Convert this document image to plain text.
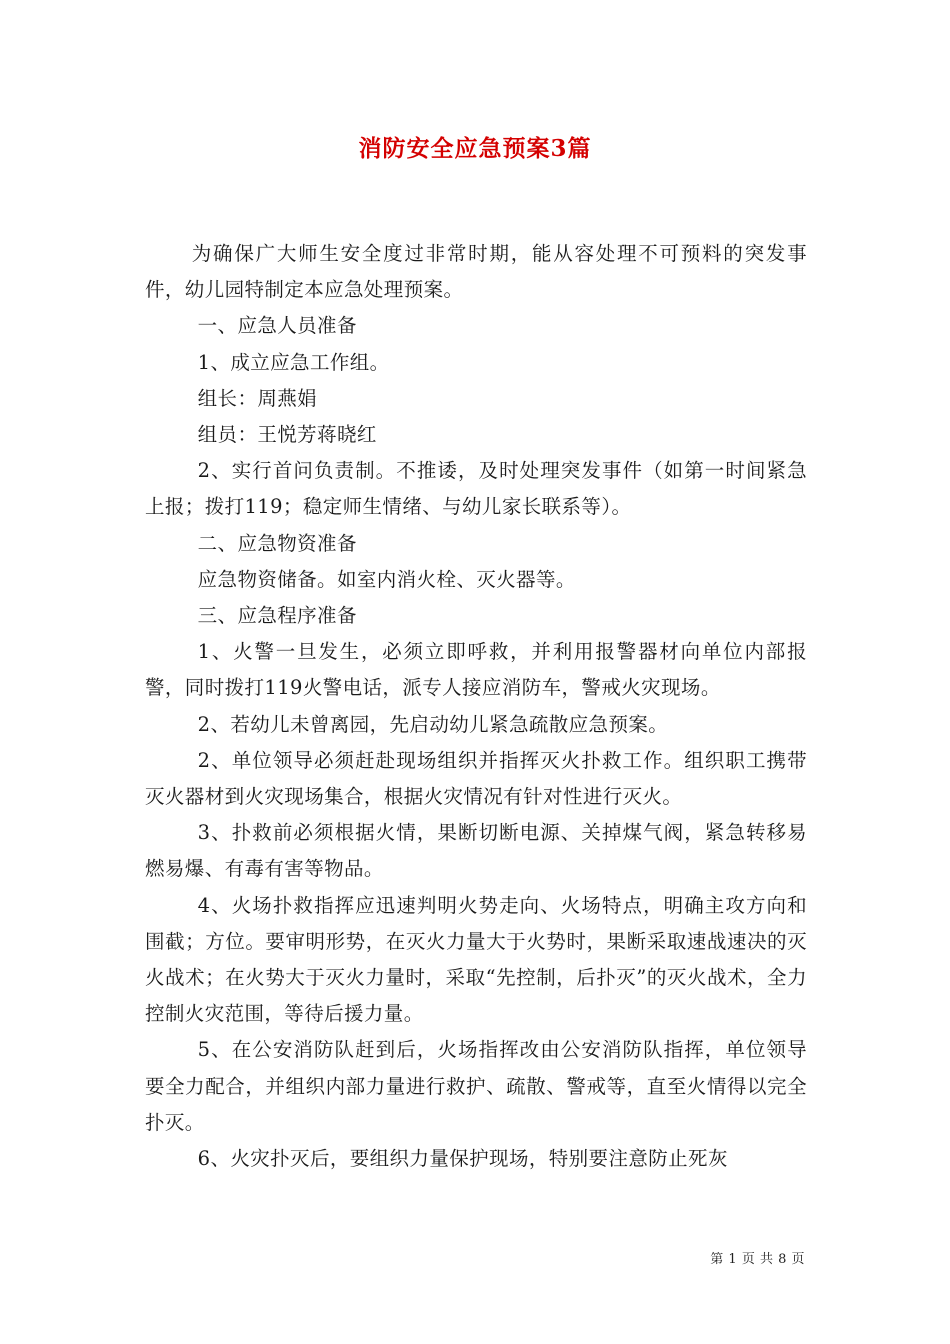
消防安全应急预案3篇

为确保广大师生安全度过非常时期，能从容处理不可预料的突发事件，幼儿园特制定本应急处理预案。

一、应急人员准备

1、成立应急工作组。

组长：周燕娟

组员：王悦芳蒋晓红

2、实行首问负责制。不推诿，及时处理突发事件（如第一时间紧急上报；拨打119；稳定师生情绪、与幼儿家长联系等）。

二、应急物资准备

应急物资储备。如室内消火栓、灭火器等。

三、应急程序准备

1、火警一旦发生，必须立即呼救，并利用报警器材向单位内部报警，同时拨打119火警电话，派专人接应消防车，警戒火灾现场。

2、若幼儿未曾离园，先启动幼儿紧急疏散应急预案。

2、单位领导必须赶赴现场组织并指挥灭火扑救工作。组织职工携带灭火器材到火灾现场集合，根据火灾情况有针对性进行灭火。

3、扑救前必须根据火情，果断切断电源、关掉煤气阀，紧急转移易燃易爆、有毒有害等物品。

4、火场扑救指挥应迅速判明火势走向、火场特点，明确主攻方向和围截；方位。要审明形势，在灭火力量大于火势时，果断采取速战速决的灭火战术；在火势大于灭火力量时，采取“先控制，后扑灭”的灭火战术，全力控制火灾范围，等待后援力量。

5、在公安消防队赶到后，火场指挥改由公安消防队指挥，单位领导要全力配合，并组织内部力量进行救护、疏散、警戒等，直至火情得以完全扑灭。

6、火灾扑灭后，要组织力量保护现场，特别要注意防止死灰

第 1 页 共 8 页
